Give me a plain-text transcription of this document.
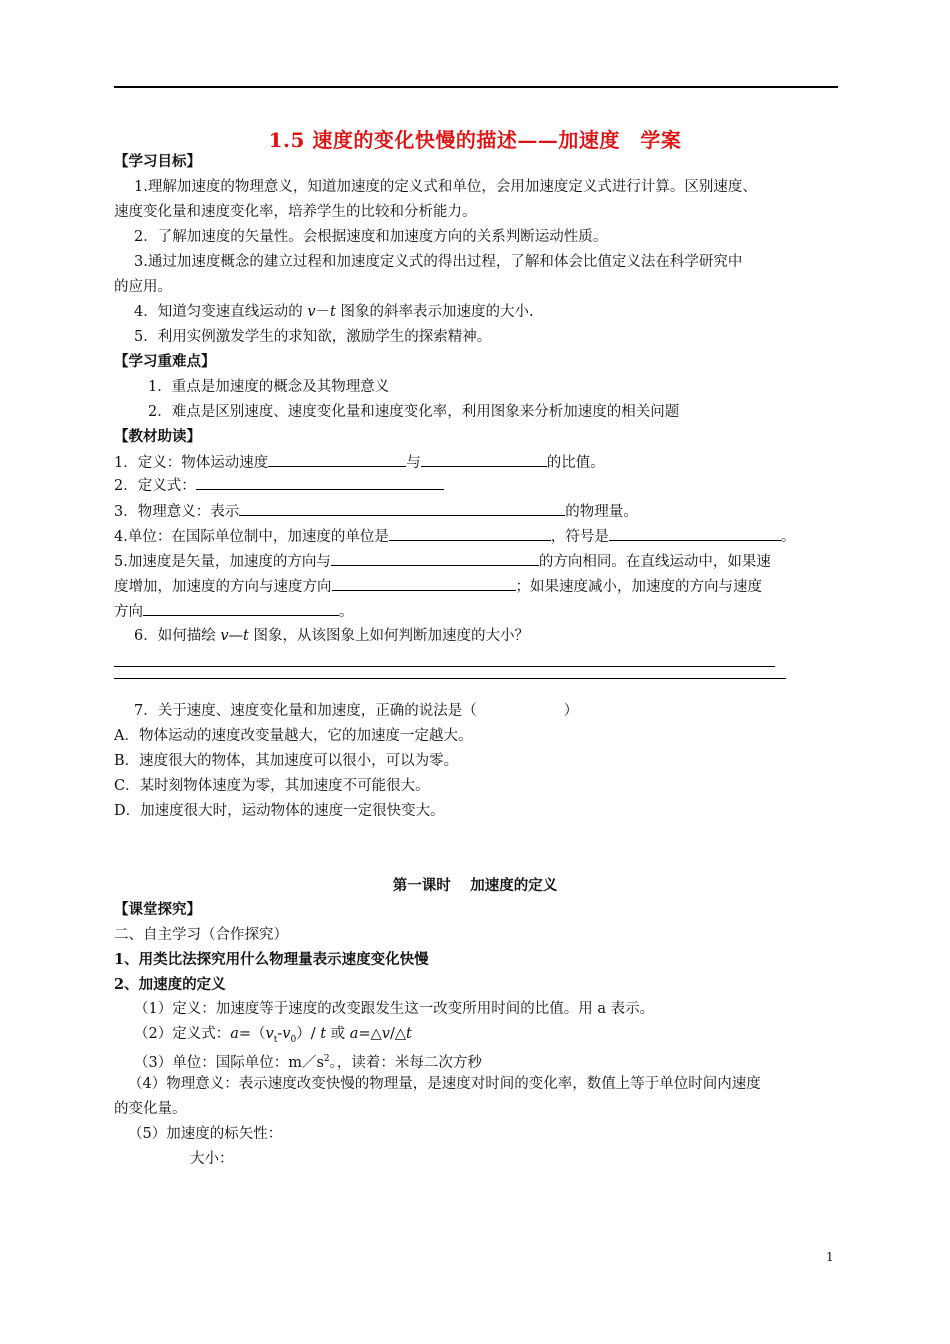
1.5 速度的变化快慢的描述——加速度　学案
【学习目标】
1.理解加速度的物理意义，知道加速度的定义式和单位，会用加速度定义式进行计算。区别速度、
速度变化量和速度变化率，培养学生的比较和分析能力。
2．了解加速度的矢量性。会根据速度和加速度方向的关系判断运动性质。
3.通过加速度概念的建立过程和加速度定义式的得出过程，了解和体会比值定义法在科学研究中
的应用。
4．知道匀变速直线运动的 v－t 图象的斜率表示加速度的大小.
5．利用实例激发学生的求知欲，激励学生的探索精神。
【学习重难点】
1．重点是加速度的概念及其物理意义
2．难点是区别速度、速度变化量和速度变化率，利用图象来分析加速度的相关问题
【教材助读】
1．定义：物体运动速度	与	的比值。
2．定义式：
3．物理意义：表示	的物理量。
4.单位：在国际单位制中，加速度的单位是	，符号是	。
5.加速度是矢量，加速度的方向与	的方向相同。在直线运动中，如果速
度增加，加速度的方向与速度方向	；如果速度减小，加速度的方向与速度
方向	。
6．如何描绘 v—t 图象，从该图象上如何判断加速度的大小？
7．关于速度、速度变化量和加速度，正确的说法是（　　　　　　）
A．物体运动的速度改变量越大，它的加速度一定越大。
B．速度很大的物体，其加速度可以很小，可以为零。
C．某时刻物体速度为零，其加速度不可能很大。
D．加速度很大时，运动物体的速度一定很快变大。
第一课时　 加速度的定义
【课堂探究】
二、自主学习（合作探究）
1、用类比法探究用什么物理量表示速度变化快慢
2、加速度的定义
（1）定义：加速度等于速度的改变跟发生这一改变所用时间的比值。用 a 表示。
（2）定义式：$a=(v_t-v_0)/$ t 或 a=△v/△t
（3）单位：国际单位：$m/s^2$。，读着：米每二次方秒
（4）物理意义：表示速度改变快慢的物理量，是速度对时间的变化率，数值上等于单位时间内速度
的变化量。
（5）加速度的标矢性：
大小：
1
